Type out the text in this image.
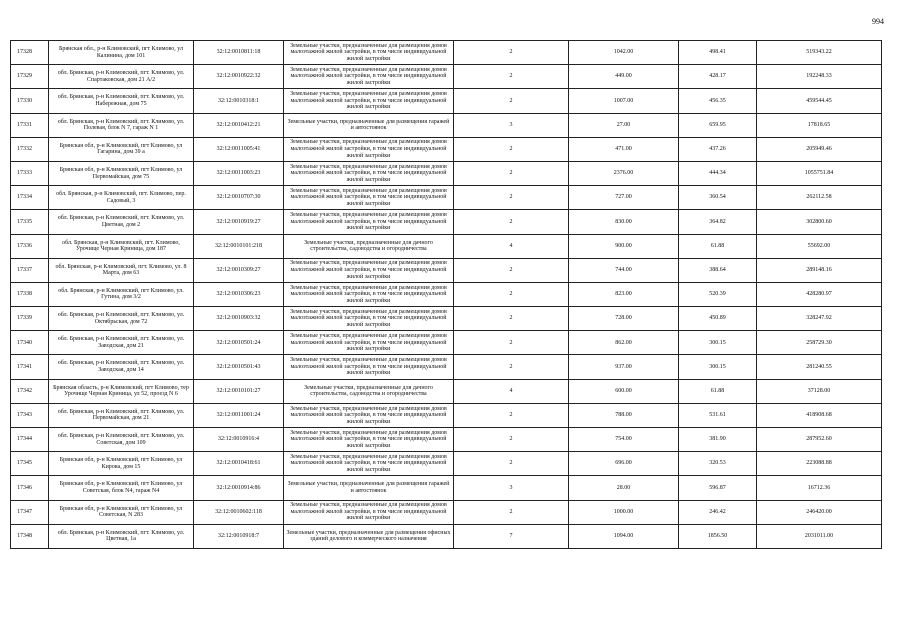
994
17328	Брянская обл., р-н Климовский, пгт Климово, ул Калинина, дом 101	32:12:0010811:18	Земельные участки, предназначенные для размещения домов малоэтажной жилой застройки, в том числе индивидуальной жилой застройки	2	1042.00	498.41	519343.22
17329	обл. Брянская, р-н Климовский, пгт. Климово, ул. Спартаковская, дом 21 А/2	32:12:0010922:32	Земельные участки, предназначенные для размещения домов малоэтажной жилой застройки, в том числе индивидуальной жилой застройки	2	449.00	428.17	192248.33
17330	обл. Брянская, р-н Климовский, пгт. Климово, ул. Набережная, дом 75	32:12:0010318:1	Земельные участки, предназначенные для размещения домов малоэтажной жилой застройки, в том числе индивидуальной жилой застройки	2	1007.00	456.35	459544.45
17331	обл. Брянская, р-н Климовский, пгт. Климово, ул. Полевая, блок N 7, гараж N 1	32:12:0010412:21	Земельные участки, предназначенные для размещения гаражей и автостоянок	3	27.00	659.95	17818.65
17332	Брянская обл, р-н Климовский, пгт Климово, ул Гагарина, дом 39 а	32:12:0011005:41	Земельные участки, предназначенные для размещения домов малоэтажной жилой застройки, в том числе индивидуальной жилой застройки	2	471.00	437.26	205949.46
17333	Брянская обл, р-н Климовский, пгт Климово, ул Первомайская, дом 75	32:12:0011003:23	Земельные участки, предназначенные для размещения домов малоэтажной жилой застройки, в том числе индивидуальной жилой застройки	2	2376.00	444.34	1055751.84
17334	обл. Брянская, р-н Климовский, пгт. Климово, пер. Садовый, 3	32:12:0010707:30	Земельные участки, предназначенные для размещения домов малоэтажной жилой застройки, в том числе индивидуальной жилой застройки	2	727.00	360.54	262112.58
17335	обл. Брянская, р-н Климовский, пгт. Климово, ул. Цветная, дом 2	32:12:0010919:27	Земельные участки, предназначенные для размещения домов малоэтажной жилой застройки, в том числе индивидуальной жилой застройки	2	830.00	364.82	302800.60
17336	обл. Брянская, р-н Климовский, пгт. Климово, Урочище Черная Криница, дом 187	32:12:0010101:218	Земельные участки, предназначенные для дачного строительства, садоводства и огородничества	4	900.00	61.88	55692.00
17337	обл. Брянская, р-н Климовский, пгт. Климово, ул. 8 Марта, дом 63	32:12:0010309:27	Земельные участки, предназначенные для размещения домов малоэтажной жилой застройки, в том числе индивидуальной жилой застройки	2	744.00	388.64	289148.16
17338	обл. Брянская, р-н Климовский, пгт Климово, ул. Гутина, дом 3/2	32:12:0010306:23	Земельные участки, предназначенные для размещения домов малоэтажной жилой застройки, в том числе индивидуальной жилой застройки	2	823.00	520.39	428280.97
17339	обл. Брянская, р-н Климовский, пгт. Климово, ул. Октябрьская, дом 72	32:12:0010903:32	Земельные участки, предназначенные для размещения домов малоэтажной жилой застройки, в том числе индивидуальной жилой застройки	2	728.00	450.89	328247.92
17340	обл. Брянская, р-н Климовский, пгт. Климово, ул. Заводская, дом 21	32:12:0010501:24	Земельные участки, предназначенные для размещения домов малоэтажной жилой застройки, в том числе индивидуальной жилой застройки	2	862.00	300.15	258729.30
17341	обл. Брянская, р-н Климовский, пгт. Климово, ул. Заводская, дом 14	32:12:0010501:43	Земельные участки, предназначенные для размещения домов малоэтажной жилой застройки, в том числе индивидуальной жилой застройки	2	937.00	300.15	281240.55
17342	Брянская область, р-н Климовский, пгт Климово, тер Урочище Черная Криница, ул 52, проезд N 6	32:12:0010101:27	Земельные участки, предназначенные для дачного строительства, садоводства и огородничества	4	600.00	61.88	37128.00
17343	обл. Брянская, р-н Климовский, пгт. Климово, ул. Первомайская, дом 21	32:12:0011001:24	Земельные участки, предназначенные для размещения домов малоэтажной жилой застройки, в том числе индивидуальной жилой застройки	2	788.00	531.61	418908.68
17344	обл. Брянская, р-н Климовский, пгт. Климово, ул. Советская, дом 109	32:12:0010916:4	Земельные участки, предназначенные для размещения домов малоэтажной жилой застройки, в том числе индивидуальной жилой застройки	2	754.00	381.90	287952.60
17345	Брянская обл, р-н Климовский, пгт Климово, ул Кирова, дом 15	32:12:0010418:61	Земельные участки, предназначенные для размещения домов малоэтажной жилой застройки, в том числе индивидуальной жилой застройки	2	696.00	320.53	223088.88
17346	Брянская обл, р-н Климовский, пгт Климово, ул Советская, блок N4, гараж N4	32:12:0010914:86	Земельные участки, предназначенные для размещения гаражей и автостоянок	3	28.00	596.87	16712.36
17347	Брянская обл, р-н Климовский, пгт Климово, ул Советская, N 283	32:12:0010602:118	Земельные участки, предназначенные для размещения домов малоэтажной жилой застройки, в том числе индивидуальной жилой застройки	2	1000.00	246.42	246420.00
17348	обл. Брянская, р-н Климовский, пгт. Климово, ул. Цветная, 1а	32:12:0010918:7	Земельные участки, предназначенные для размещения офисных зданий делового и коммерческого назначения	7	1094.00	1856.50	2031011.00
